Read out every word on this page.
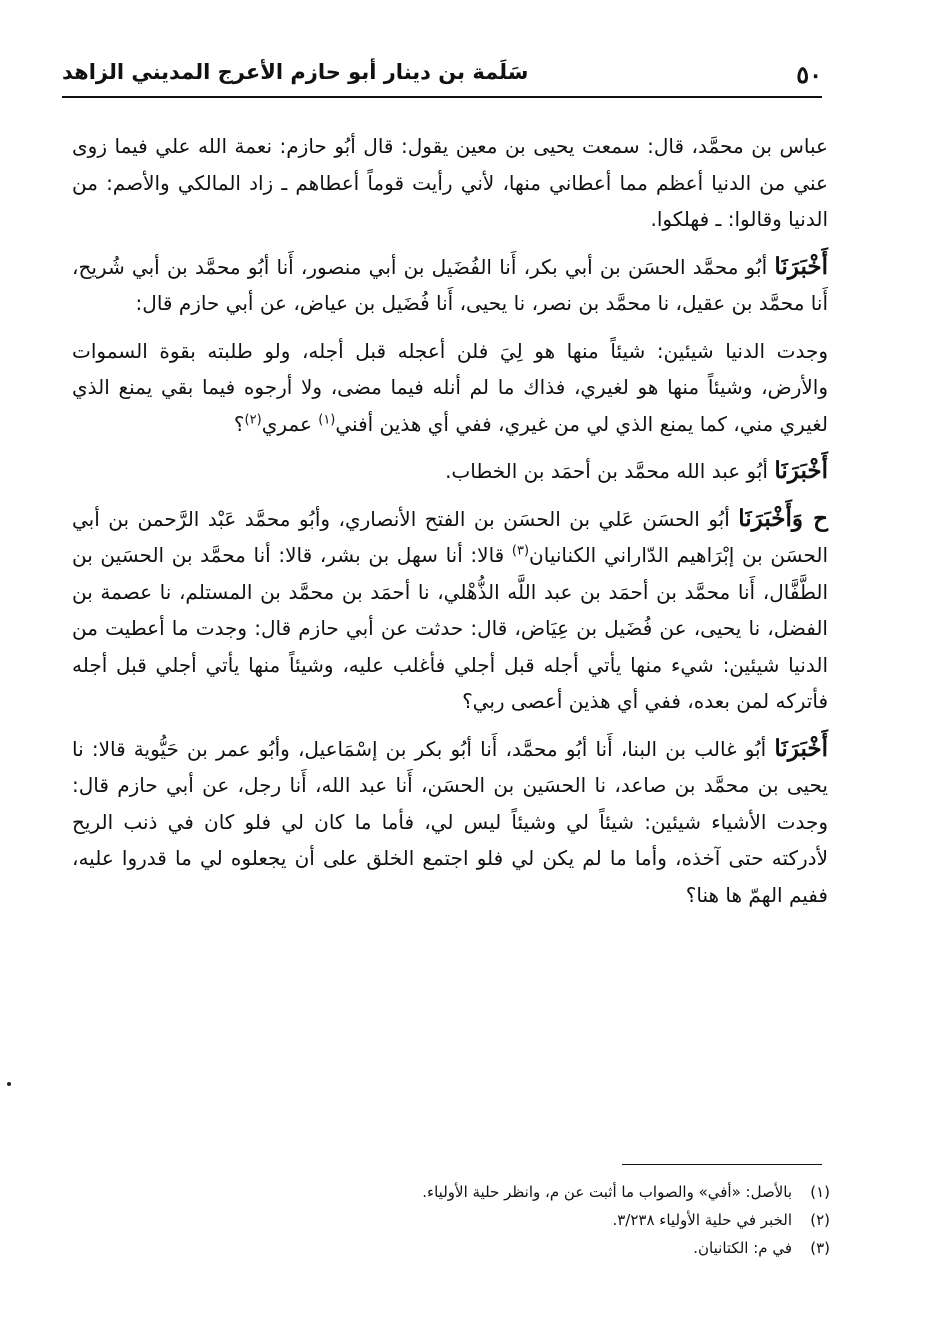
٥٠
سَلَمة بن دينار أبو حازم الأعرج المديني الزاهد

عباس بن محمَّد، قال: سمعت يحيى بن معين يقول: قال أبُو حازم: نعمة الله علي فيما زوى عني من الدنيا أعظم مما أعطاني منها، لأني رأيت قوماً أعطاهم ـ زاد المالكي والأصم: من الدنيا وقالوا: ـ فهلكوا.

أَخْبَرَنَا أبُو محمَّد الحسَن بن أبي بكر، أَنا الفُضَيل بن أبي منصور، أَنا أبُو محمَّد بن أبي شُريح، أَنا محمَّد بن عقيل، نا محمَّد بن نصر، نا يحيى، أَنا فُضَيل بن عياض، عن أبي حازم قال:

وجدت الدنيا شيئين: شيئاً منها هو لِيَ فلن أعجله قبل أجله، ولو طلبته بقوة السموات والأرض، وشيئاً منها هو لغيري، فذاك ما لم أنله فيما مضى، ولا أرجوه فيما بقي يمنع الذي لغيري مني، كما يمنع الذي لي من غيري، ففي أي هذين أفني$^{(١)}$ عمري$^{(٢)}$؟

أَخْبَرَنَا أبُو عبد الله محمَّد بن أحمَد بن الخطاب.

ح وَأَخْبَرَنَا أبُو الحسَن عَلي بن الحسَن بن الفتح الأنصاري، وأبُو محمَّد عَبْد الرَّحمن بن أبي الحسَن بن إبْرَاهيم الدّاراني الكنانيان$^{(٣)}$ قالا: أنا سهل بن بشر، قالا: أنا محمَّد بن الحسَين بن الطَّفَّال، أَنا محمَّد بن أحمَد بن عبد اللَّه الذُّهْلي، نا أحمَد بن محمَّد بن المستلم، نا عصمة بن الفضل، نا يحيى، عن فُضَيل بن عِيَاض، قال: حدثت عن أبي حازم قال: وجدت ما أعطيت من الدنيا شيئين: شيء منها يأتي أجله قبل أجلي فأغلب عليه، وشيئاً منها يأتي أجلي قبل أجله فأتركه لمن بعده، ففي أي هذين أعصى ربي؟

أَخْبَرَنَا أبُو غالب بن البنا، أَنا أبُو محمَّد، أَنا أبُو بكر بن إسْمَاعيل، وأبُو عمر بن حَيُّوية قالا: نا يحيى بن محمَّد بن صاعد، نا الحسَين بن الحسَن، أَنا عبد الله، أَنا رجل، عن أبي حازم قال: وجدت الأشياء شيئين: شيئاً لي وشيئاً ليس لي، فأما ما كان لي فلو كان في ذنب الريح لأدركته حتى آخذه، وأما ما لم يكن لي فلو اجتمع الخلق على أن يجعلوه لي ما قدروا عليه، ففيم الهمّ ها هنا؟

(١)
بالأصل: «أفي» والصواب ما أثبت عن م، وانظر حلية الأولياء.
(٢)
الخبر في حلية الأولياء ٣/٢٣٨.
(٣)
في م: الكتانيان.
